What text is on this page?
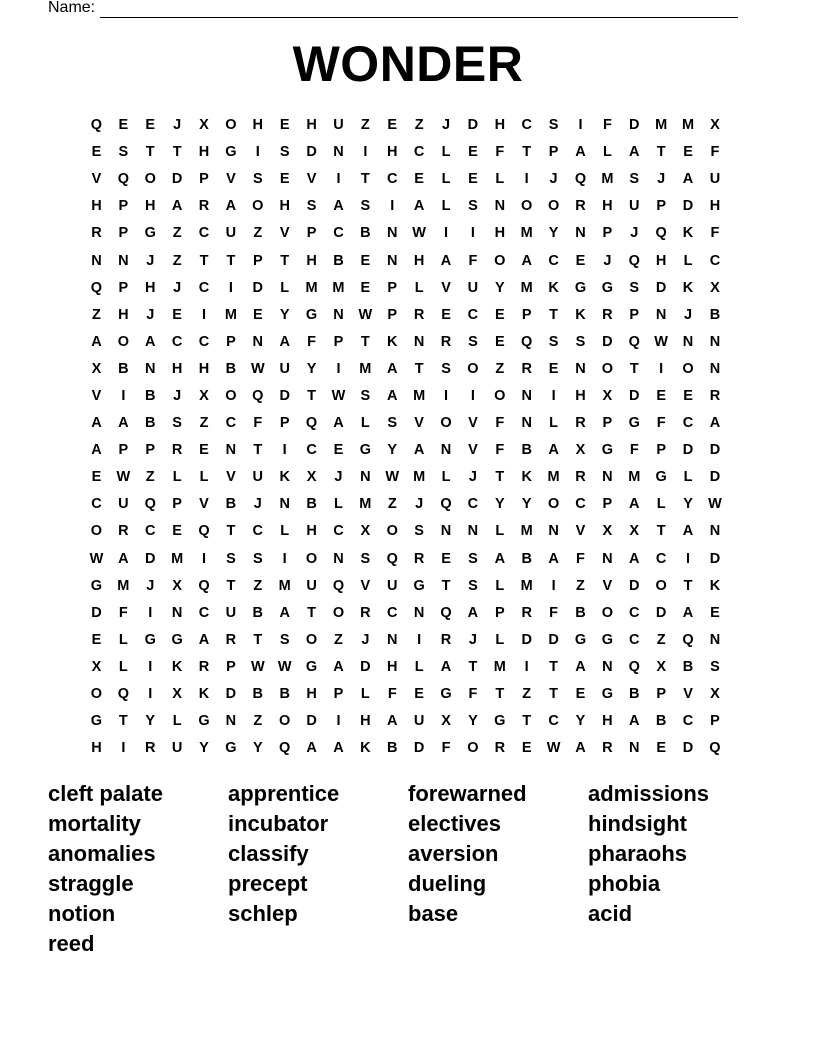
Name:
WONDER
Q	E	E	J	X	O	H	E	H	U	Z	E	Z	J	D	H	C	S	I	F	D	M	M	X
E	S	T	T	H	G	I	S	D	N	I	H	C	L	E	F	T	P	A	L	A	T	E	F
V	Q	O	D	P	V	S	E	V	I	T	C	E	L	E	L	I	J	Q	M	S	J	A	U
H	P	H	A	R	A	O	H	S	A	S	I	A	L	S	N	O	O	R	H	U	P	D	H
R	P	G	Z	C	U	Z	V	P	C	B	N	W	I	I	H	M	Y	N	P	J	Q	K	F
N	N	J	Z	T	T	P	T	H	B	E	N	H	A	F	O	A	C	E	J	Q	H	L	C
Q	P	H	J	C	I	D	L	M	M	E	P	L	V	U	Y	M	K	G	G	S	D	K	X
Z	H	J	E	I	M	E	Y	G	N	W	P	R	E	C	E	P	T	K	R	P	N	J	B
A	O	A	C	C	P	N	A	F	P	T	K	N	R	S	E	Q	S	S	D	Q W	N	N
X	B	N	H	H	B	W	U	Y	I	M	A	T	S	O	Z	R	E	N	O	T	I	O	N
V	I	B	J	X	O	Q	D	T	W	S	A	M	I	I	O	N	I	H	X	D	E	E	R
A	A	B	S	Z	C	F	P	Q	A	L	S	V	O	V	F	N	L	R	P	G	F	C	A
A	P	P	R	E	N	T	I	C	E	G	Y	A	N	V	F	B	A	X	G	F	P	D	D
E	W	Z	L	L	V	U	K	X	J	N	W M	L	J	T	K	M	R	N	M	G	L	D
C	U	Q	P	V	B	J	N	B	L	M	Z	J	Q	C	Y	Y	O	C	P	A	L	Y	W
O	R	C	E	Q	T	C	L	H	C	X	O	S	N	N	L	M	N	V	X	X	T	A	N
W	A	D	M	I	S	S	I	O	N	S	Q	R	E	S	A	B	A	F	N	A	C	I	D
G	M	J	X	Q	T	Z	M	U	Q	V	U	G	T	S	L	M	I	Z	V	D	O	T	K
D	F	I	N	C	U	B	A	T	O	R	C	N	Q	A	P	R	F	B	O	C	D	A	E
E	L	G	G	A	R	T	S	O	Z	J	N	I	R	J	L	D	D	G	G	C	Z	Q	N
X	L	I	K	R	P	W W G	A	D	H	L	A	T	M	I	T	A	N	Q	X	B	S
O	Q	I	X	K	D	B	B	H	P	L	F	E	G	F	T	Z	T	E	G	B	P	V	X
G	T	Y	L	G	N	Z	O	D	I	H	A	U	X	Y	G	T	C	Y	H	A	B	C	P
H	I	R	U	Y	G	Y	Q	A	A	K	B	D	F	O	R	E	W	A	R	N	E	D	Q
cleft palate	apprentice	forewarned	admissions
mortality	incubator	electives	hindsight
anomalies	classify	aversion	pharaohs
straggle	precept	dueling	phobia
notion	schlep	base	acid
reed
